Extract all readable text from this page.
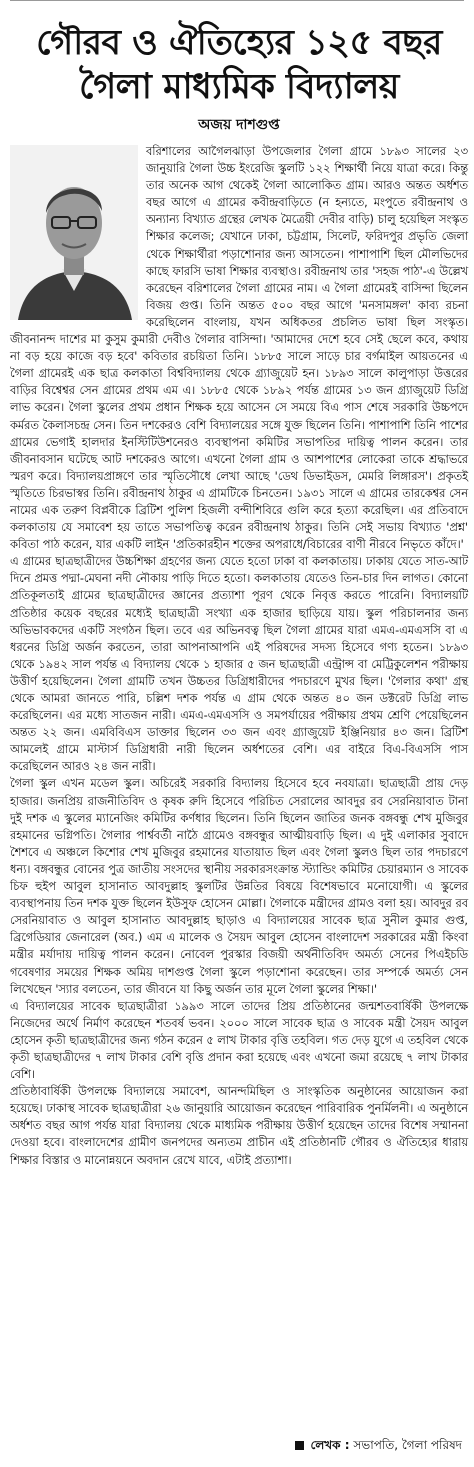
গৌরব ও ঐতিহ্যের ১২৫ বছর
গৈলা মাধ্যমিক বিদ্যালয়
অজয় দাশগুপ্ত

বরিশালের আগৈলঝাড়া উপজেলার গৈলা গ্রামে ১৮৯৩ সালের ২৩ জানুয়ারি গৈলা উচ্চ ইংরেজি স্কুলটি ১২২ শিক্ষার্থী নিয়ে যাত্রা করে। কিন্তু তার অনেক আগ থেকেই গৈলা আলোকিত গ্রাম। আরও অন্তত অর্ধশত বছর আগে এ গ্রামের কবীন্দ্রবাড়িতে (ন হন্যতে, মংপুতে রবীন্দ্রনাথ ও অন্যান্য বিখ্যাত গ্রন্থের লেখক মৈত্রেয়ী দেবীর বাড়ি) চালু হয়েছিল সংস্কৃত শিক্ষার কলেজ; যেখানে ঢাকা, চট্টগ্রাম, সিলেট, ফরিদপুর প্রভৃতি জেলা থেকে শিক্ষার্থীরা পড়াশোনার জন্য আসতেন। পাশাপাশি ছিল মৌলভিদের কাছে ফারসি ভাষা শিক্ষার ব্যবস্থাও। রবীন্দ্রনাথ তার 'সহজ পাঠ'-এ উল্লেখ করেছেন বরিশালের গৈলা গ্রামের নাম। এ গৈলা গ্রামেরই বাসিন্দা ছিলেন বিজয় গুপ্ত। তিনি অন্তত ৫০০ বছর আগে 'মনসামঙ্গল' কাব্য রচনা করেছিলেন বাংলায়, যখন অধিকতর প্রচলিত ভাষা ছিল সংস্কৃত। জীবনানন্দ দাশের মা কুসুম কুমারী দেবীও গৈলার বাসিন্দা। 'আমাদের দেশে হবে সেই ছেলে কবে, কথায় না বড় হয়ে কাজে বড় হবে' কবিতার রচয়িতা তিনি। ১৮৮৫ সালে সাড়ে চার বর্গমাইল আয়তনের এ গৈলা গ্রামেরই এক ছাত্র কলকাতা বিশ্ববিদ্যালয় থেকে গ্র্যাজুয়েট হন। ১৮৯৩ সালে কালুপাড়া উত্তরের বাড়ির বিশ্বেশ্বর সেন গ্রামের প্রথম এম এ। ১৮৮৫ থেকে ১৮৯২ পর্যন্ত গ্রামের ১৩ জন গ্র্যাজুয়েট ডিগ্রি লাভ করেন। গৈলা স্কুলের প্রথম প্রধান শিক্ষক হয়ে আসেন সে সময়ে বিএ পাস শেষে সরকারি উচ্চপদে কর্মরত কৈলাসচন্দ্র সেন। তিন দশকেরও বেশি বিদ্যালয়ের সঙ্গে যুক্ত ছিলেন তিনি। পাশাপাশি তিনি পাশের গ্রামের ভেগাই হালদার ইনস্টিটিউশনেরও ব্যবস্থাপনা কমিটির সভাপতির দায়িত্ব পালন করেন। তার জীবনাবসান ঘটেছে আট দশকেরও আগে। এখনো গৈলা গ্রাম ও আশপাশের লোকেরা তাকে শ্রদ্ধাভরে স্মরণ করে। বিদ্যালয়প্রাঙ্গণে তার স্মৃতিসৌধে লেখা আছে 'ডেথ ডিভাইডস, মেমরি লিঙ্গারস'। প্রকৃতই স্মৃতিতে চিরভাস্বর তিনি। রবীন্দ্রনাথ ঠাকুর এ গ্রামটিকে চিনতেন। ১৯৩১ সালে এ গ্রামের তারকেশ্বর সেন নামের এক তরুণ বিপ্লবীকে ব্রিটিশ পুলিশ হিজলী বন্দীশিবিরে গুলি করে হত্যা করেছিল। এর প্রতিবাদে কলকাতায় যে সমাবেশ হয় তাতে সভাপতিত্ব করেন রবীন্দ্রনাথ ঠাকুর। তিনি সেই সভায় বিখ্যাত 'প্রশ্ন' কবিতা পাঠ করেন, যার একটি লাইন 'প্রতিকারহীন শক্তের অপরাধে/বিচারের বাণী নীরবে নিভৃতে কাঁদে।'

এ গ্রামের ছাত্রছাত্রীদের উচ্চশিক্ষা গ্রহণের জন্য যেতে হতো ঢাকা বা কলকাতায়। ঢাকায় যেতে সাত-আট দিনে প্রমত্ত পদ্মা-মেঘনা নদী নৌকায় পাড়ি দিতে হতো। কলকাতায় যেতেও তিন-চার দিন লাগত। কোনো প্রতিকূলতাই গ্রামের ছাত্রছাত্রীদের জ্ঞানের প্রত্যাশা পূরণ থেকে নিবৃত্ত করতে পারেনি। বিদ্যালয়টি প্রতিষ্ঠার কয়েক বছরের মধ্যেই ছাত্রছাত্রী সংখ্যা এক হাজার ছাড়িয়ে যায়। স্কুল পরিচালনার জন্য অভিভাবকদের একটি সংগঠন ছিল। তবে এর অভিনবত্ব ছিল গৈলা গ্রামের যারা এমএ-এমএসসি বা এ ধরনের ডিগ্রি অর্জন করতেন, তারা আপনাআপনি এই পরিষদের সদস্য হিসেবে গণ্য হতেন। ১৮৯৩ থেকে ১৯৪২ সাল পর্যন্ত এ বিদ্যালয় থেকে ১ হাজার ৫ জন ছাত্রছাত্রী এন্ট্রান্স বা মেট্রিকুলেশন পরীক্ষায় উত্তীর্ণ হয়েছিলেন। গৈলা গ্রামটি তখন উচ্চতর ডিগ্রিধারীদের পদচারণে মুখর ছিল। 'গৈলার কথা' গ্রন্থ থেকে আমরা জানতে পারি, চল্লিশ দশক পর্যন্ত এ গ্রাম থেকে অন্তত ৪০ জন ডক্টরেট ডিগ্রি লাভ করেছিলেন। এর মধ্যে সাতজন নারী। এমএ-এমএসসি ও সমপর্যায়ের পরীক্ষায় প্রথম শ্রেণি পেয়েছিলেন অন্তত ২২ জন। এমবিবিএস ডাক্তার ছিলেন ৩৩ জন এবং গ্র্যাজুয়েট ইঞ্জিনিয়ার ৪৩ জন। ব্রিটিশ আমলেই গ্রামে মাস্টার্স ডিগ্রিধারী নারী ছিলেন অর্ধশতের বেশি। এর বাইরে বিএ-বিএসসি পাস করেছিলেন আরও ২৪ জন নারী।

গৈলা স্কুল এখন মডেল স্কুল। অচিরেই সরকারি বিদ্যালয় হিসেবে হবে নবযাত্রা। ছাত্রছাত্রী প্রায় দেড় হাজার। জনপ্রিয় রাজনীতিবিদ ও কৃষক রুদি হিসেবে পরিচিত সেরালের আবদুর রব সেরনিয়াবাত টানা দুই দশক এ স্কুলের ম্যানেজিং কমিটির কর্ণধার ছিলেন। তিনি ছিলেন জাতির জনক বঙ্গবন্ধু শেখ মুজিবুর রহমানের ভগ্নিপতি। গৈলার পার্শ্ববর্তী নাঠৈ গ্রামেও বঙ্গবন্ধুর আত্মীয়বাড়ি ছিল। এ দুই এলাকার সুবাদে শৈশবে এ অঞ্চলে কিশোর শেখ মুজিবুর রহমানের যাতায়াত ছিল এবং গৈলা স্কুলও ছিল তার পদচারণে ধন্য। বঙ্গবন্ধুর বোনের পুত্র জাতীয় সংসদের স্থানীয় সরকারসংক্রান্ত স্ট্যান্ডিং কমিটির চেয়ারম্যান ও সাবেক চিফ হুইপ আবুল হাসানাত আবদুল্লাহ স্কুলটির উন্নতির বিষয়ে বিশেষভাবে মনোযোগী। এ স্কুলের ব্যবস্থাপনায় তিন দশক যুক্ত ছিলেন ইউসুফ হোসেন মোল্লা। গৈলাকে মন্ত্রীদের গ্রামও বলা হয়। আবদুর রব সেরনিয়াবাত ও আবুল হাসানাত আবদুল্লাহ ছাড়াও এ বিদ্যালয়ের সাবেক ছাত্র সুনীল কুমার গুপ্ত, ব্রিগেডিয়ার জেনারেল (অব.) এম এ মালেক ও সৈয়দ আবুল হোসেন বাংলাদেশ সরকারের মন্ত্রী কিংবা মন্ত্রীর মর্যাদায় দায়িত্ব পালন করেন। নোবেল পুরস্কার বিজয়ী অর্থনীতিবিদ অমর্ত্য সেনের পিএইচডি গবেষণার সময়ের শিক্ষক অমিয় দাশগুপ্ত গৈলা স্কুলে পড়াশোনা করেছেন। তার সম্পর্কে অমর্ত্য সেন লিখেছেন 'স্যার বলতেন, তার জীবনে যা কিছু অর্জন তার মূলে গৈলা স্কুলের শিক্ষা।'

এ বিদ্যালয়ের সাবেক ছাত্রছাত্রীরা ১৯৯৩ সালে তাদের প্রিয় প্রতিষ্ঠানের জন্মশতবার্ষিকী উপলক্ষে নিজেদের অর্থে নির্মাণ করেছেন শতবর্ষ ভবন। ২০০০ সালে সাবেক ছাত্র ও সাবেক মন্ত্রী সৈয়দ আবুল হোসেন কৃতী ছাত্রছাত্রীদের জন্য গঠন করেন ৫ লাখ টাকার বৃত্তি তহবিল। গত দেড় যুগে এ তহবিল থেকে কৃতী ছাত্রছাত্রীদের ৭ লাখ টাকার বেশি বৃত্তি প্রদান করা হয়েছে এবং এখনো জমা রয়েছে ৭ লাখ টাকার বেশি।

প্রতিষ্ঠাবার্ষিকী উপলক্ষে বিদ্যালয়ে সমাবেশ, আনন্দমিছিল ও সাংস্কৃতিক অনুষ্ঠানের আয়োজন করা হয়েছে। ঢাকাস্থ সাবেক ছাত্রছাত্রীরা ২৬ জানুয়ারি আয়োজন করেছেন পারিবারিক পুনর্মিলনী। এ অনুষ্ঠানে অর্ধশত বছর আগ পর্যন্ত যারা বিদ্যালয় থেকে মাধ্যমিক পরীক্ষায় উত্তীর্ণ হয়েছেন তাদের বিশেষ সম্মাননা দেওয়া হবে। বাংলাদেশের গ্রামীণ জনপদের অন্যতম প্রাচীন এই প্রতিষ্ঠানটি গৌরব ও ঐতিহ্যের ধারায় শিক্ষার বিস্তার ও মানোন্নয়নে অবদান রেখে যাবে, এটাই প্রত্যাশা।

লেখক : সভাপতি, গৈলা পরিষদ
